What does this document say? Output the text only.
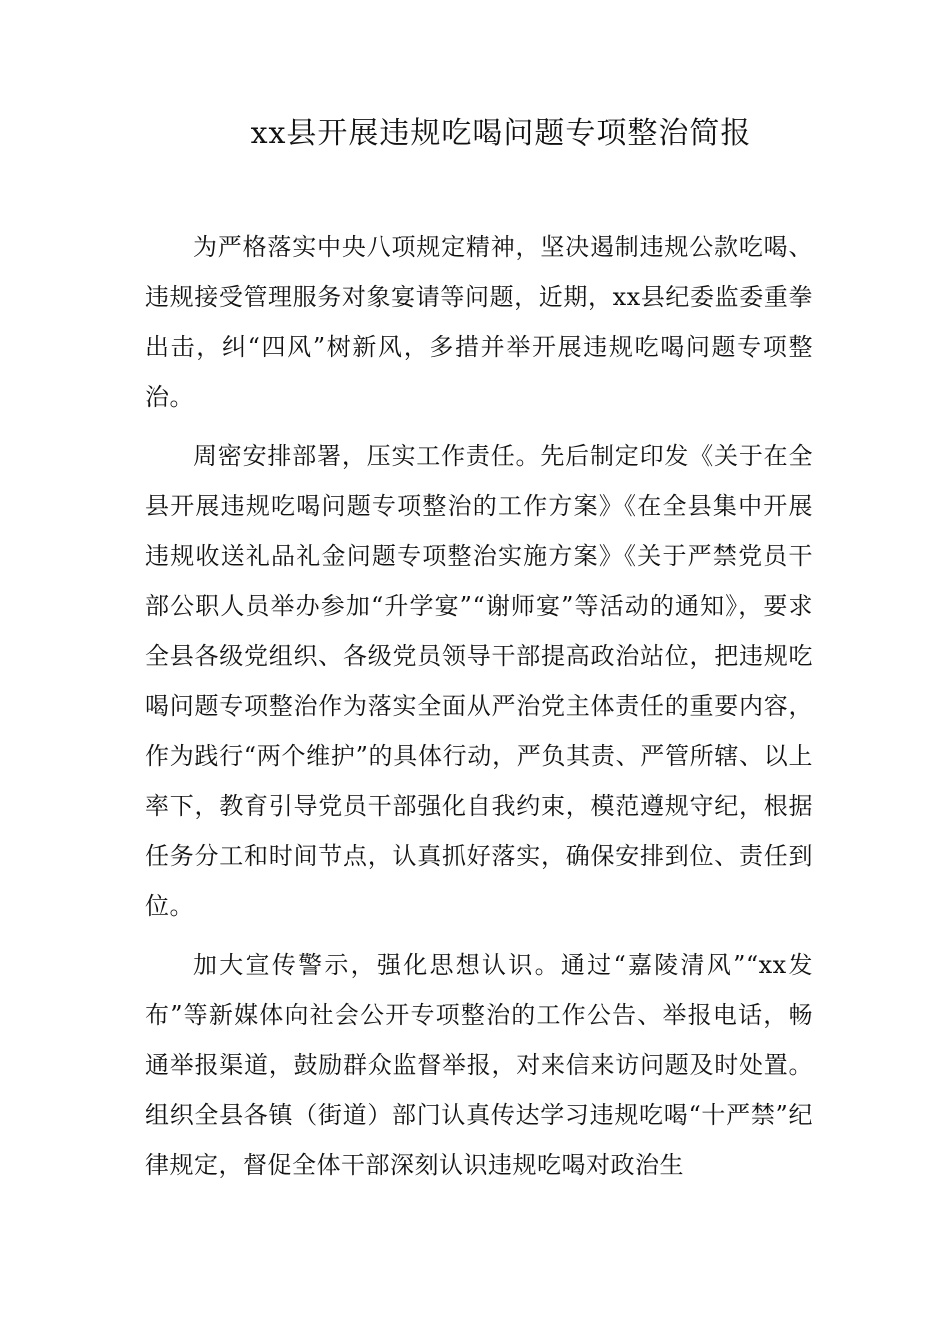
xx县开展违规吃喝问题专项整治简报

为严格落实中央八项规定精神，坚决遏制违规公款吃喝、违规接受管理服务对象宴请等问题，近期，xx县纪委监委重拳出击，纠“四风”树新风，多措并举开展违规吃喝问题专项整治。

周密安排部署，压实工作责任。先后制定印发《关于在全县开展违规吃喝问题专项整治的工作方案》《在全县集中开展违规收送礼品礼金问题专项整治实施方案》《关于严禁党员干部公职人员举办参加“升学宴”“谢师宴”等活动的通知》，要求全县各级党组织、各级党员领导干部提高政治站位，把违规吃喝问题专项整治作为落实全面从严治党主体责任的重要内容，作为践行“两个维护”的具体行动，严负其责、严管所辖、以上率下，教育引导党员干部强化自我约束，模范遵规守纪，根据任务分工和时间节点，认真抓好落实，确保安排到位、责任到位。

加大宣传警示，强化思想认识。通过“嘉陵清风”“xx发布”等新媒体向社会公开专项整治的工作公告、举报电话，畅通举报渠道，鼓励群众监督举报，对来信来访问题及时处置。组织全县各镇（街道）部门认真传达学习违规吃喝“十严禁”纪律规定，督促全体干部深刻认识违规吃喝对政治生
